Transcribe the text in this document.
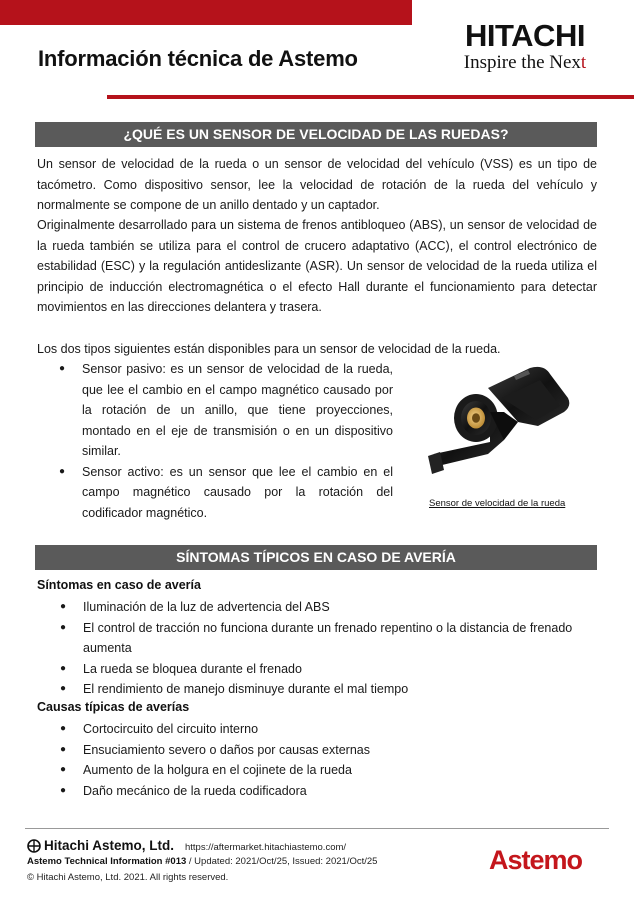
Información técnica de Astemo
HITACHI
Inspire the Next
¿QUÉ ES UN SENSOR DE VELOCIDAD DE LAS RUEDAS?

Un sensor de velocidad de la rueda o un sensor de velocidad del vehículo (VSS) es un tipo de tacómetro. Como dispositivo sensor, lee la velocidad de rotación de la rueda del vehículo y normalmente se compone de un anillo dentado y un captador.

Originalmente desarrollado para un sistema de frenos antibloqueo (ABS), un sensor de velocidad de la rueda también se utiliza para el control de crucero adaptativo (ACC), el control electrónico de estabilidad (ESC) y la regulación antideslizante (ASR). Un sensor de velocidad de la rueda utiliza el principio de inducción electromagnética o el efecto Hall durante el funcionamiento para detectar movimientos en las direcciones delantera y trasera.

Los dos tipos siguientes están disponibles para un sensor de velocidad de la rueda.

● Sensor pasivo: es un sensor de velocidad de la rueda, que lee el cambio en el campo magnético causado por la rotación de un anillo, que tiene proyecciones, montado en el eje de transmisión o en un dispositivo similar.
● Sensor activo: es un sensor que lee el cambio en el campo magnético causado por la rotación del codificador magnético.
Sensor de velocidad de la rueda
SÍNTOMAS TÍPICOS EN CASO DE AVERÍA
Síntomas en caso de avería
● Iluminación de la luz de advertencia del ABS
● El control de tracción no funciona durante un frenado repentino o la distancia de frenado aumenta
● La rueda se bloquea durante el frenado
● El rendimiento de manejo disminuye durante el mal tiempo
Causas típicas de averías
● Cortocircuito del circuito interno
● Ensuciamiento severo o daños por causas externas
● Aumento de la holgura en el cojinete de la rueda
● Daño mecánico de la rueda codificadora
Hitachi Astemo, Ltd. https://aftermarket.hitachiastemo.com/
Astemo Technical Information #013 / Updated: 2021/Oct/25, Issued: 2021/Oct/25
© Hitachi Astemo, Ltd. 2021. All rights reserved.
Astemo
